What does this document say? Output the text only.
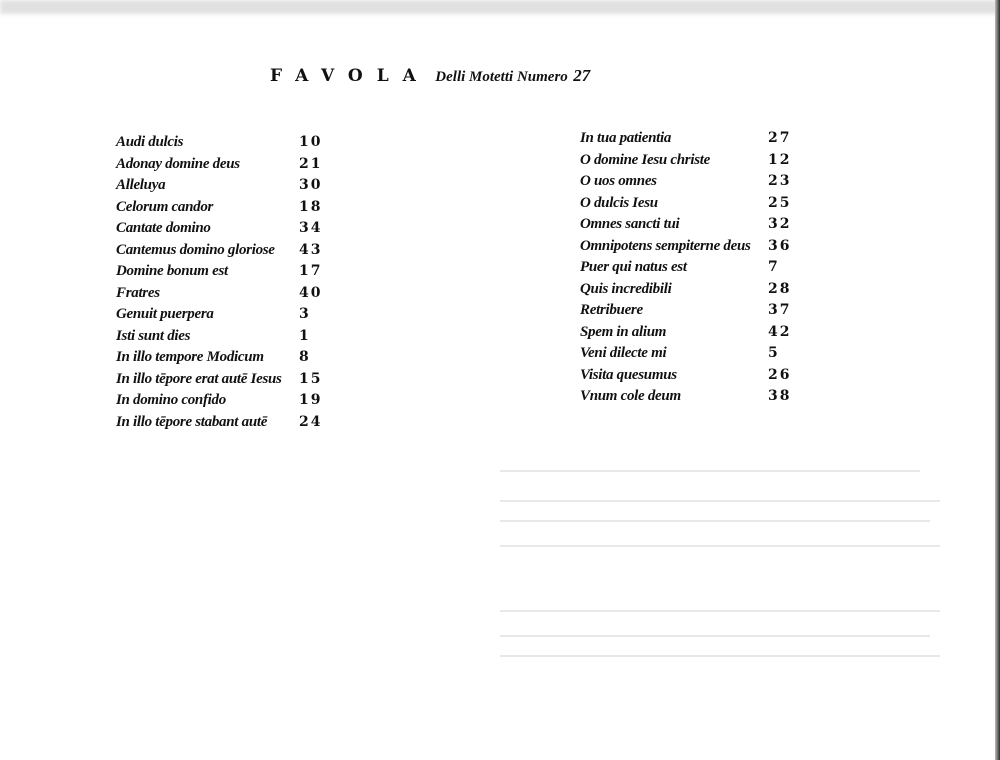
FAVOLA Delli Motetti Numero 27
Audi dulcis	10
Adonay domine deus	21
Alleluya	30
Celorum candor	18
Cantate domino	34
Cantemus domino gloriose 43
Domine bonum est	17
Fratres	40
Genuit puerpera	3
Isti sunt dies	1
In illo tempore Modicum	8
In illo tēpore erat autē Iesus 15
In domino confido	19
In illo tēpore stabant autē 24
In tua patientia	27
O domine Iesu christe	12
O uos omnes	23
O dulcis Iesu	25
Omnes sancti tui	32
Omnipotens sempiterne deus 36
Puer qui natus est	7
Quis incredibili	28
Retribuere	37
Spem in alium	42
Veni dilecte mi	5
Visita quesumus	26
Vnum cole deum	38
